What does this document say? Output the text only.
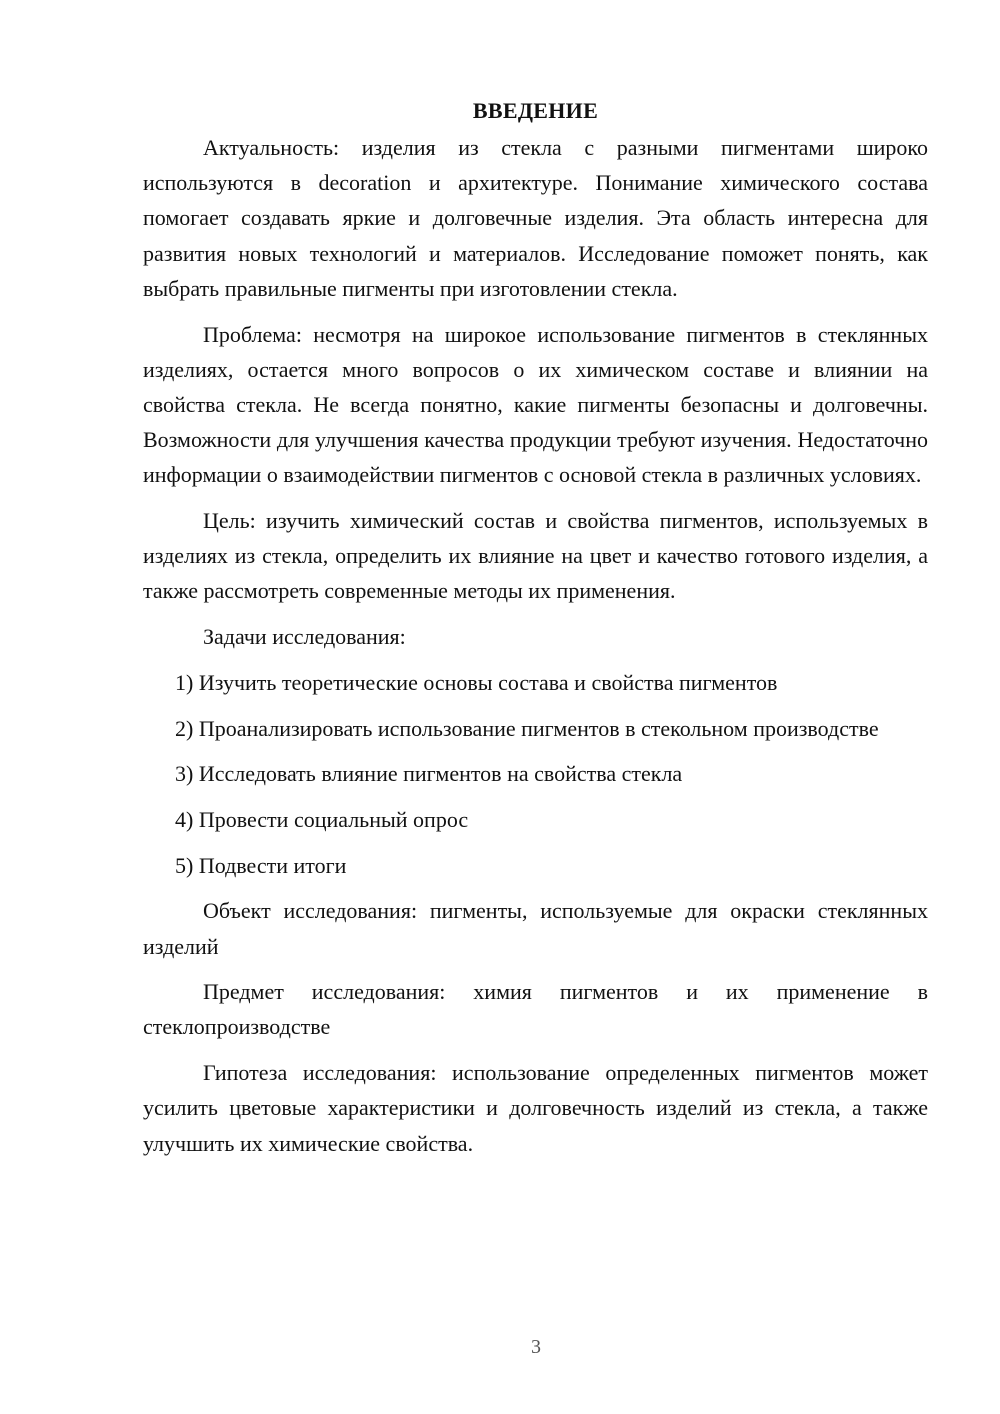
ВВЕДЕНИЕ

Актуальность: изделия из стекла с разными пигментами широко используются в decoration и архитектуре. Понимание химического состава помогает создавать яркие и долговечные изделия. Эта область интересна для развития новых технологий и материалов. Исследование поможет понять, как выбрать правильные пигменты при изготовлении стекла.

Проблема: несмотря на широкое использование пигментов в стеклянных изделиях, остается много вопросов о их химическом составе и влиянии на свойства стекла. Не всегда понятно, какие пигменты безопасны и долговечны. Возможности для улучшения качества продукции требуют изучения. Недостаточно информации о взаимодействии пигментов с основой стекла в различных условиях.

Цель: изучить химический состав и свойства пигментов, используемых в изделиях из стекла, определить их влияние на цвет и качество готового изделия, а также рассмотреть современные методы их применения.

Задачи исследования:

1) Изучить теоретические основы состава и свойства пигментов

2) Проанализировать использование пигментов в стекольном производстве

3) Исследовать влияние пигментов на свойства стекла

4) Провести социальный опрос

5) Подвести итоги

Объект исследования: пигменты, используемые для окраски стеклянных изделий

Предмет исследования: химия пигментов и их применение в стеклопроизводстве

Гипотеза исследования: использование определенных пигментов может усилить цветовые характеристики и долговечность изделий из стекла, а также улучшить их химические свойства.

3
